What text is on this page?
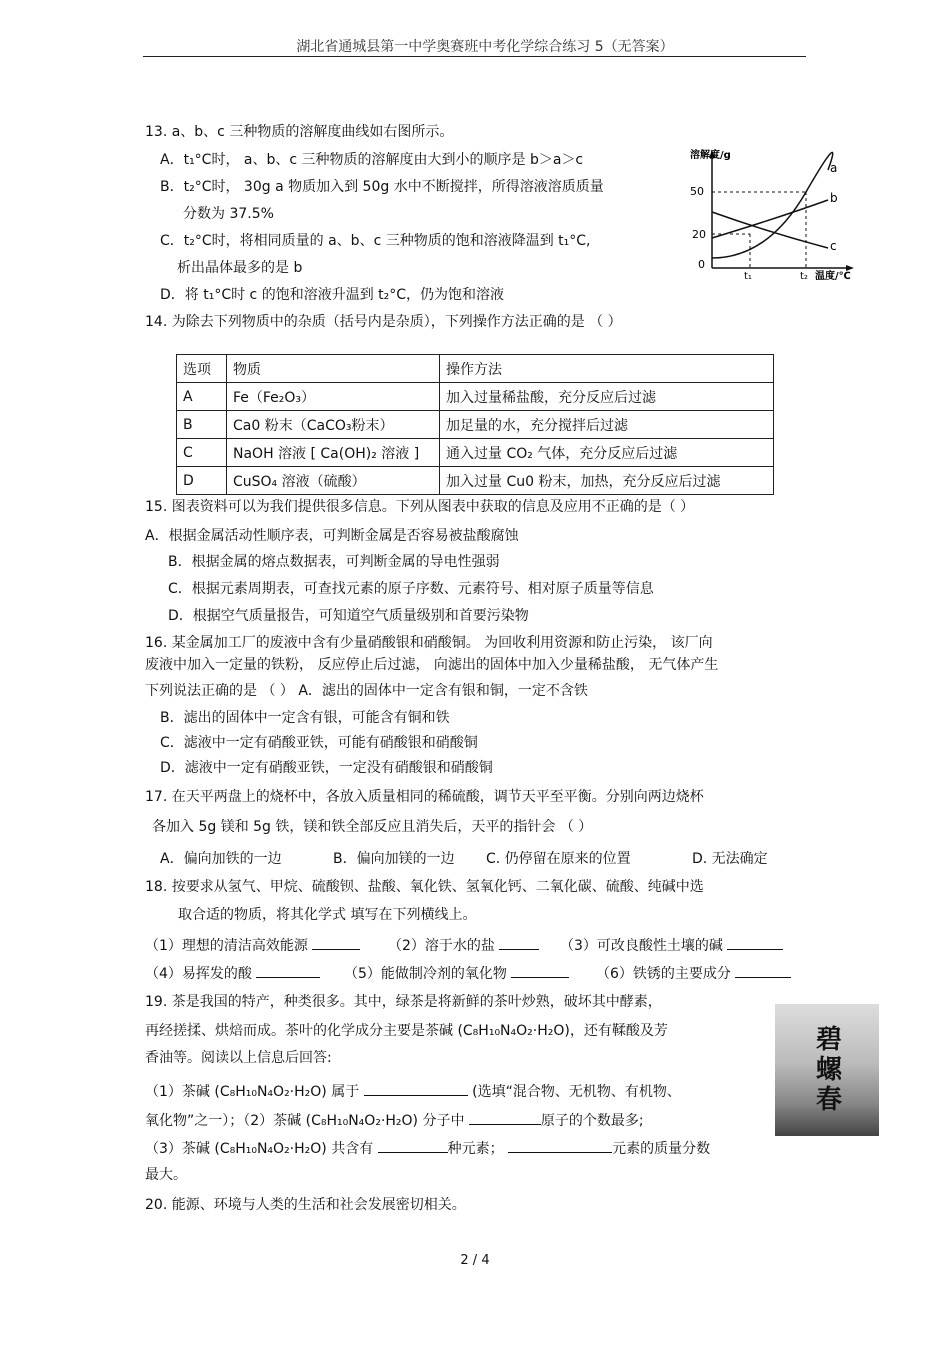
湖北省通城县第一中学奥赛班中考化学综合练习 5（无答案）
13. a、b、c 三种物质的溶解度曲线如右图所示。
A．t₁°C时， a、b、c 三种物质的溶解度由大到小的顺序是 b＞a＞c
B．t₂°C时， 30g a 物质加入到 50g 水中不断搅拌，所得溶液溶质质量
分数为 37.5%
C．t₂°C时，将相同质量的 a、b、c 三种物质的饱和溶液降温到 t₁°C,
析出晶体最多的是 b
D．将 t₁°C时 c 的饱和溶液升温到 t₂°C，仍为饱和溶液
溶解度/g
50
20
0
a
b
c
t₁	t₂ 温度/℃
14. 为除去下列物质中的杂质（括号内是杂质），下列操作方法正确的是 （ ）
选项	物质	操作方法
A	Fe（Fe₂O₃）	加入过量稀盐酸，充分反应后过滤
B	Ca0 粉末（CaCO₃粉末）	加足量的水，充分搅拌后过滤
C	NaOH 溶液 [ Ca(OH)₂ 溶液 ]	通入过量 CO₂ 气体，充分反应后过滤
D	CuSO₄ 溶液（硫酸）	加入过量 Cu0 粉末，加热，充分反应后过滤
15. 图表资料可以为我们提供很多信息。下列从图表中获取的信息及应用不正确的是（ ）
A．根据金属活动性顺序表，可判断金属是否容易被盐酸腐蚀
B．根据金属的熔点数据表，可判断金属的导电性强弱
C．根据元素周期表，可查找元素的原子序数、元素符号、相对原子质量等信息
D．根据空气质量报告，可知道空气质量级别和首要污染物
16. 某金属加工厂的废液中含有少量硝酸银和硝酸铜。 为回收利用资源和防止污染， 该厂向
废液中加入一定量的铁粉， 反应停止后过滤， 向滤出的固体中加入少量稀盐酸， 无气体产生
下列说法正确的是 （ ） A．滤出的固体中一定含有银和铜，一定不含铁
B．滤出的固体中一定含有银，可能含有铜和铁
C．滤液中一定有硝酸亚铁，可能有硝酸银和硝酸铜
D．滤液中一定有硝酸亚铁，一定没有硝酸银和硝酸铜
17. 在天平两盘上的烧杯中，各放入质量相同的稀硫酸，调节天平至平衡。分别向两边烧杯
各加入 5g 镁和 5g 铁，镁和铁全部反应且消失后，天平的指针会 （ ）
A．偏向加铁的一边	B．偏向加镁的一边 C. 仍停留在原来的位置	D. 无法确定
18. 按要求从氢气、甲烷、硫酸钡、盐酸、氧化铁、氢氧化钙、二氧化碳、硫酸、纯碱中选
取合适的物质，将其化学式 填写在下列横线上。
（1）理想的清洁高效能源	（2）溶于水的盐	（3）可改良酸性土壤的碱
（4）易挥发的酸	（5）能做制冷剂的氧化物	（6）铁锈的主要成分
19. 茶是我国的特产，种类很多。其中，绿茶是将新鲜的茶叶炒熟，破坏其中酵素，
再经搓揉、烘焙而成。茶叶的化学成分主要是茶碱 (C₈H₁₀N₄O₂·H₂O)，还有鞣酸及芳
香油等。阅读以上信息后回答:
（1）茶碱 (C₈H₁₀N₄O₂·H₂O) 属于	(选填“混合物、无机物、有机物、
氧化物”之一）；（2）茶碱 (C₈H₁₀N₄O₂·H₂O) 分子中	原子的个数最多;
（3）茶碱 (C₈H₁₀N₄O₂·H₂O) 共含有	种元素；	元素的质量分数
最大。
碧螺春
20. 能源、环境与人类的生活和社会发展密切相关。
2 / 4
